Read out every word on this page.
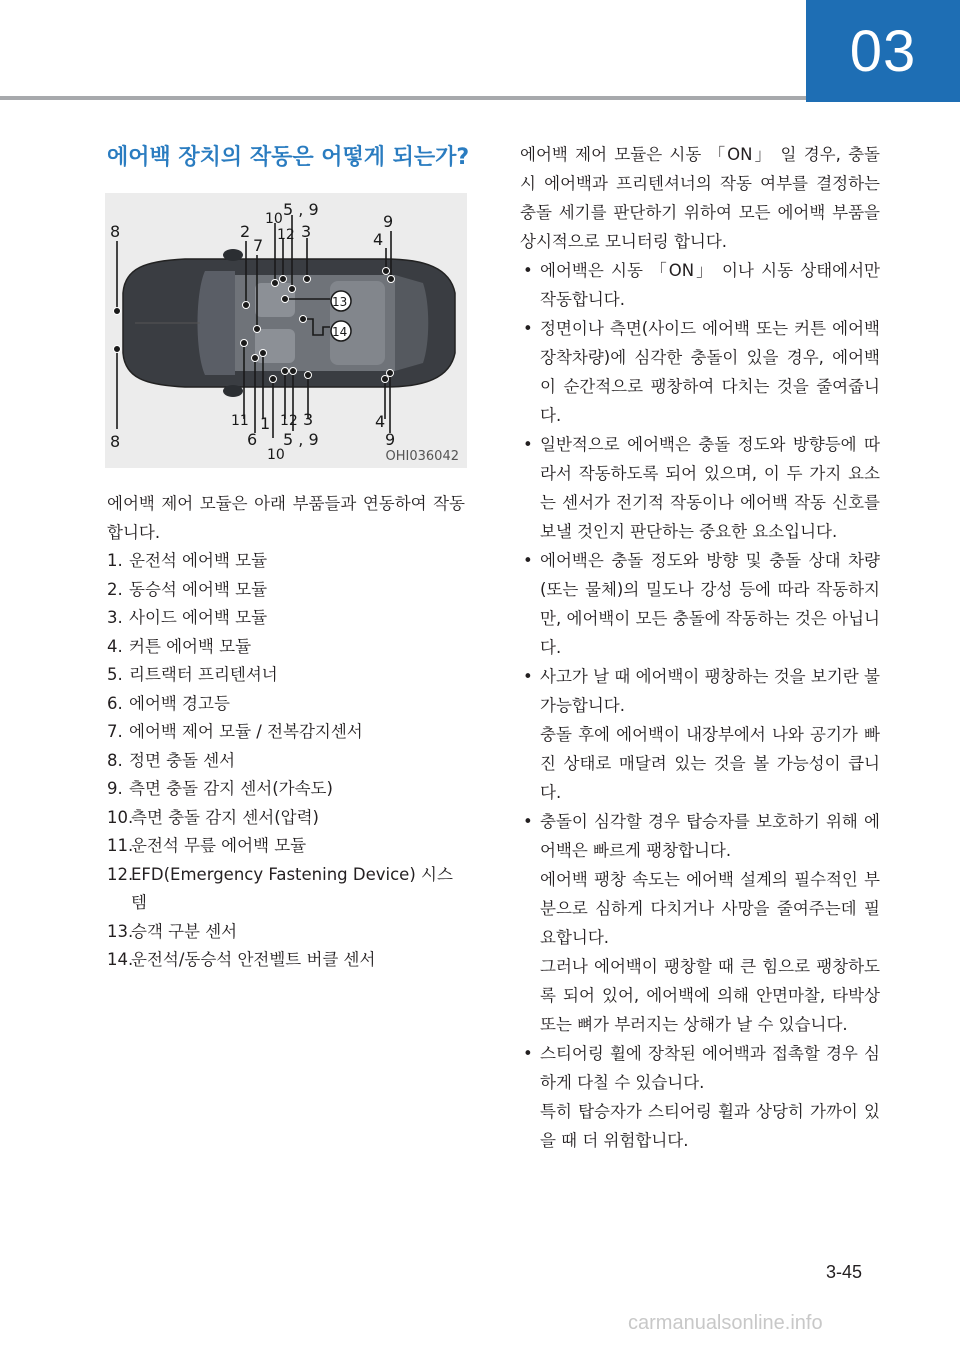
03
에어백 장치의 작동은 어떻게 되는가?
8	2
7
10 5 , 9
12 3	4
9
8
11 1
6
12 3
5 , 9
10
4
9
13
14
OHI036042

에어백 제어 모듈은 아래 부품들과 연동하여 작동합니다.

1. 운전석 에어백 모듈
2. 동승석 에어백 모듈
3. 사이드 에어백 모듈
4. 커튼 에어백 모듈
5. 리트랙터 프리텐셔너
6. 에어백 경고등
7. 에어백 제어 모듈 / 전복감지센서
8. 정면 충돌 센서
9. 측면 충돌 감지 센서(가속도)
10.
측면 충돌 감지 센서(압력)
11.
운전석 무릎 에어백 모듈
12.
EFD(Emergency Fastening Device) 시스템
13.
승객 구분 센서
14.
운전석/동승석 안전벨트 버클 센서

에어백 제어 모듈은 시동 「ON」 일 경우, 충돌 시 에어백과 프리텐셔너의 작동 여부를 결정하는 충돌 세기를 판단하기 위하여 모든 에어백 부품을 상시적으로 모니터링 합니다.

• 에어백은 시동 「ON」 이나 시동 상태에서만 작동합니다.
• 정면이나 측면(사이드 에어백 또는 커튼 에어백 장착차량)에 심각한 충돌이 있을 경우, 에어백이 순간적으로 팽창하여 다치는 것을 줄여줍니다.
• 일반적으로 에어백은 충돌 정도와 방향등에 따라서 작동하도록 되어 있으며, 이 두 가지 요소는 센서가 전기적 작동이나 에어백 작동 신호를 보낼 것인지 판단하는 중요한 요소입니다.
• 에어백은 충돌 정도와 방향 및 충돌 상대 차량(또는 물체)의 밀도나 강성 등에 따라 작동하지만, 에어백이 모든 충돌에 작동하는 것은 아닙니다.
• 사고가 날 때 에어백이 팽창하는 것을 보기란 불가능합니다.
충돌 후에 에어백이 내장부에서 나와 공기가 빠진 상태로 매달려 있는 것을 볼 가능성이 큽니다.
• 충돌이 심각할 경우 탑승자를 보호하기 위해 에어백은 빠르게 팽창합니다.
에어백 팽창 속도는 에어백 설계의 필수적인 부분으로 심하게 다치거나 사망을 줄여주는데 필요합니다.
그러나 에어백이 팽창할 때 큰 힘으로 팽창하도록 되어 있어, 에어백에 의해 안면마찰, 타박상 또는 뼈가 부러지는 상해가 날 수 있습니다.
• 스티어링 휠에 장착된 에어백과 접촉할 경우 심하게 다칠 수 있습니다.
특히 탑승자가 스티어링 휠과 상당히 가까이 있을 때 더 위험합니다.
3-45
carmanualsonline.info
